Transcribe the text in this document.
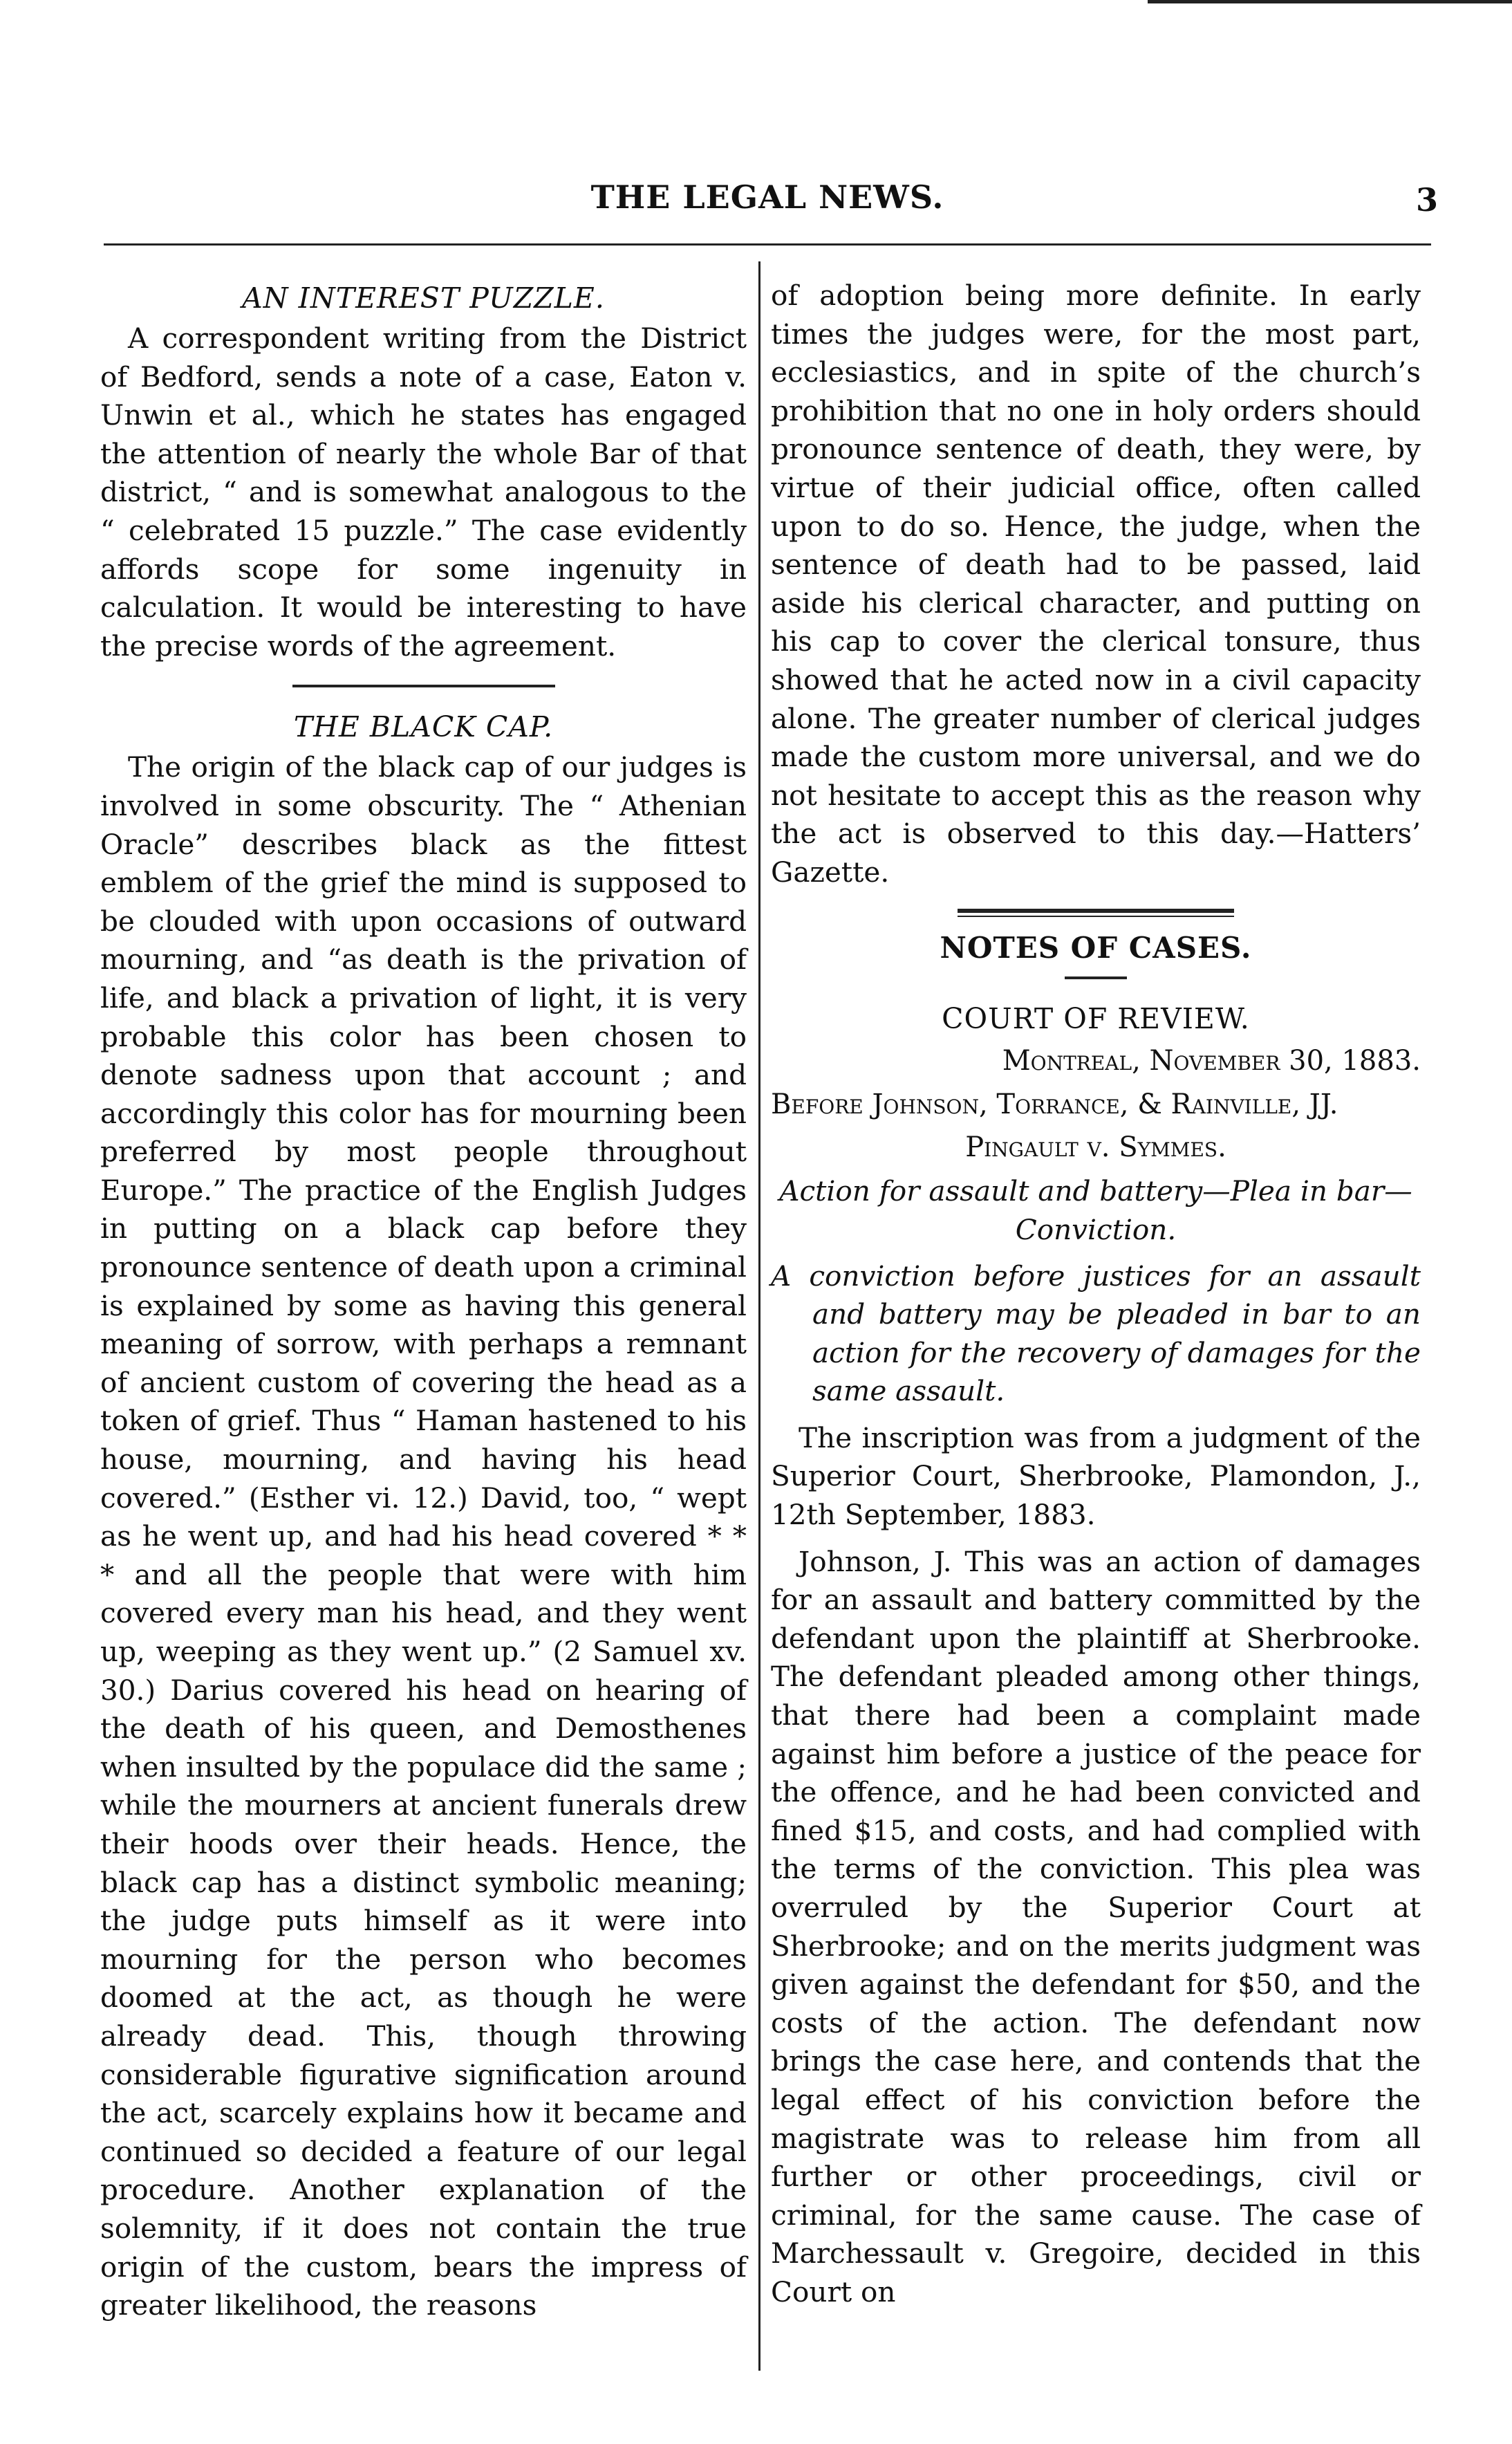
THE LEGAL NEWS.	3
AN INTEREST PUZZLE.

A correspondent writing from the District of Bedford, sends a note of a case, Eaton v. Unwin et al., which he states has engaged the attention of nearly the whole Bar of that district, “ and is somewhat analogous to the “ celebrated 15 puzzle.” The case evidently affords scope for some ingenuity in calculation. It would be interesting to have the precise words of the agreement.

THE BLACK CAP.

The origin of the black cap of our judges is involved in some obscurity. The “ Athenian Oracle” describes black as the fittest emblem of the grief the mind is supposed to be clouded with upon occasions of outward mourning, and “as death is the privation of life, and black a privation of light, it is very probable this color has been chosen to denote sadness upon that account ; and accordingly this color has for mourning been preferred by most people throughout Europe.” The practice of the English Judges in putting on a black cap before they pronounce sentence of death upon a criminal is explained by some as having this general meaning of sorrow, with perhaps a remnant of ancient custom of covering the head as a token of grief. Thus “ Haman hastened to his house, mourning, and having his head covered.” (Esther vi. 12.) David, too, “ wept as he went up, and had his head covered * * * and all the people that were with him covered every man his head, and they went up, weeping as they went up.” (2 Samuel xv. 30.) Darius covered his head on hearing of the death of his queen, and Demosthenes when insulted by the populace did the same ; while the mourners at ancient funerals drew their hoods over their heads. Hence, the black cap has a distinct symbolic meaning; the judge puts himself as it were into mourning for the person who becomes doomed at the act, as though he were already dead. This, though throwing considerable figurative signification around the act, scarcely explains how it became and continued so decided a feature of our legal procedure. Another explanation of the solemnity, if it does not contain the true origin of the custom, bears the impress of greater likelihood, the reasons

of adoption being more definite. In early times the judges were, for the most part, ecclesiastics, and in spite of the church’s prohibition that no one in holy orders should pronounce sentence of death, they were, by virtue of their judicial office, often called upon to do so. Hence, the judge, when the sentence of death had to be passed, laid aside his clerical character, and putting on his cap to cover the clerical tonsure, thus showed that he acted now in a civil capacity alone. The greater number of clerical judges made the custom more universal, and we do not hesitate to accept this as the reason why the act is observed to this day.—Hatters’ Gazette.

NOTES OF CASES.
COURT OF REVIEW.
Montreal, November 30, 1883.
Before Johnson, Torrance, & Rainville, JJ.
Pingault v. Symmes.
Action for assault and battery—Plea in bar—Conviction.

A conviction before justices for an assault and battery may be pleaded in bar to an action for the recovery of damages for the same assault.

The inscription was from a judgment of the Superior Court, Sherbrooke, Plamondon, J., 12th September, 1883.

Johnson, J. This was an action of damages for an assault and battery committed by the defendant upon the plaintiff at Sherbrooke. The defendant pleaded among other things, that there had been a complaint made against him before a justice of the peace for the offence, and he had been convicted and fined $15, and costs, and had complied with the terms of the conviction. This plea was overruled by the Superior Court at Sherbrooke; and on the merits judgment was given against the defendant for $50, and the costs of the action. The defendant now brings the case here, and contends that the legal effect of his conviction before the magistrate was to release him from all further or other proceedings, civil or criminal, for the same cause. The case of Marchessault v. Gregoire, decided in this Court on
